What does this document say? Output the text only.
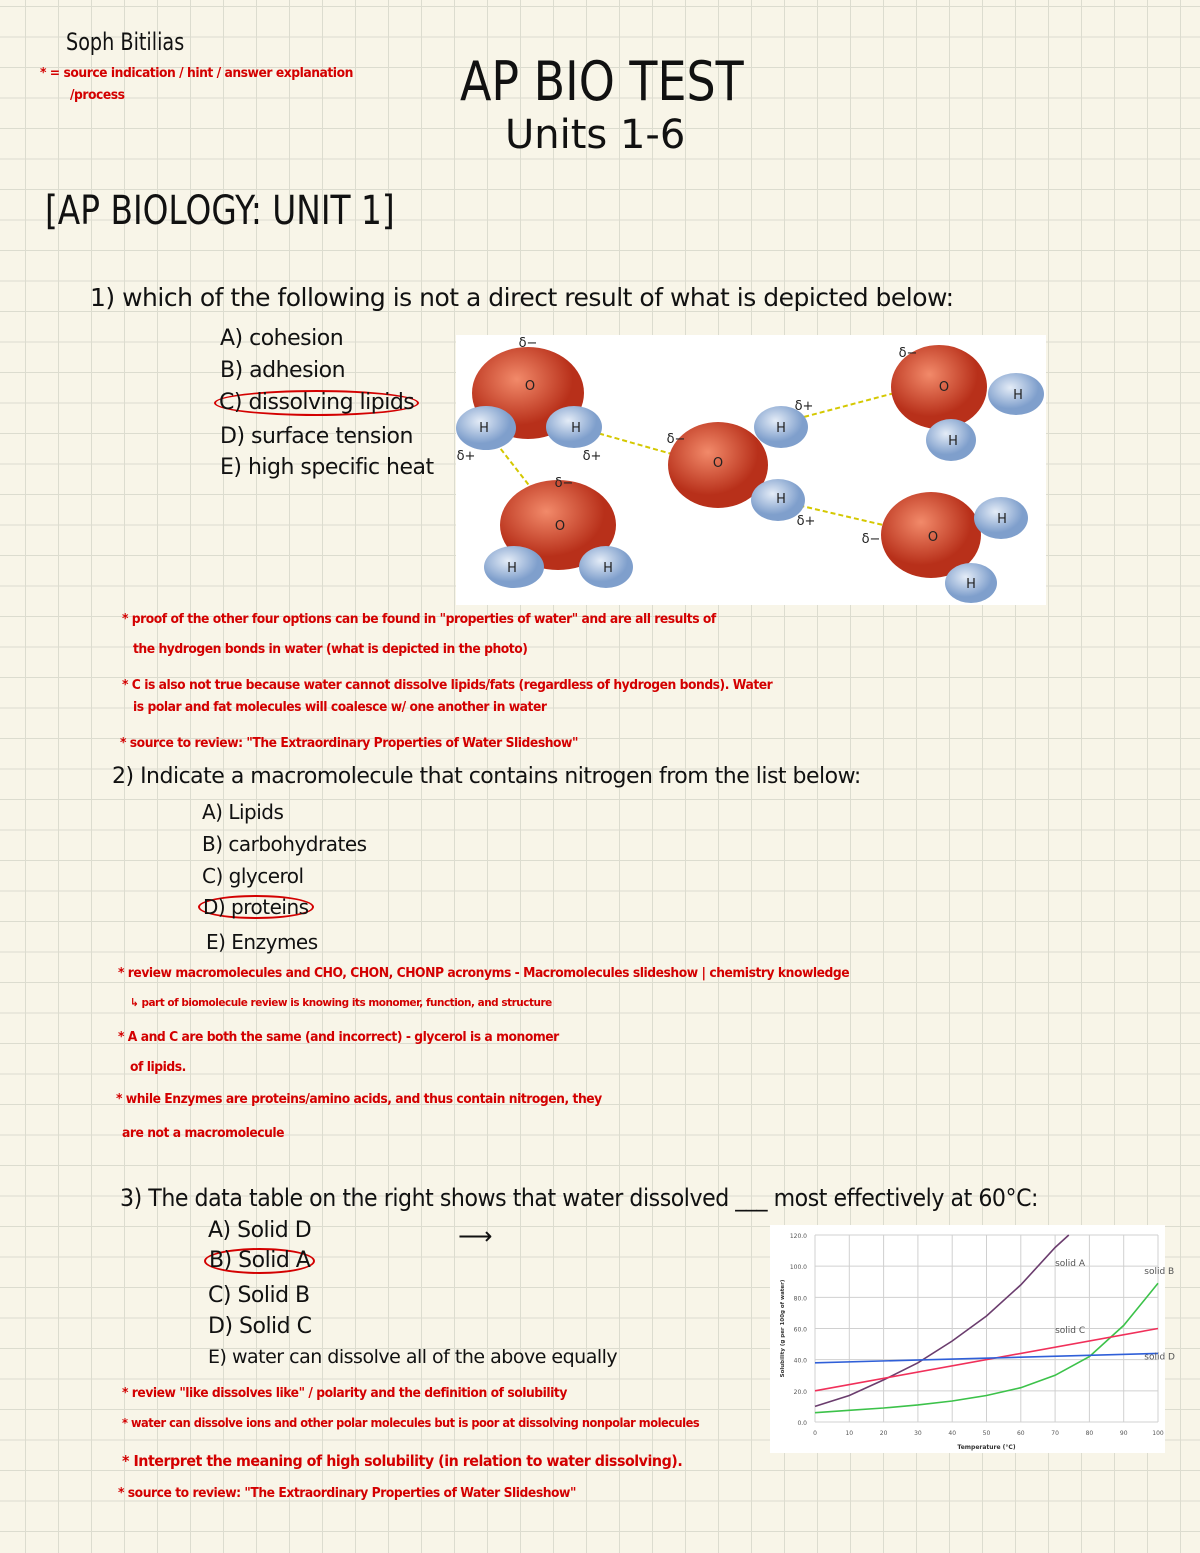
Soph Bitilias
* = source indication / hint / answer explanation
/process	AP BIO TEST
Units 1-6
[AP BIOLOGY: UNIT 1]
1) which of the following is not a direct result of what is depicted below:
A) cohesion
B) adhesion
C) dissolving lipids
D) surface tension
E) high specific heat
O
H	H
O
H
H
O
H
H
O
H	H
O
H
H
δ−
δ+	δ+
δ−
δ+
δ+
δ−
δ−
δ−
* proof of the other four options can be found in "properties of water" and are all results of
the hydrogen bonds in water (what is depicted in the photo)
* C is also not true because water cannot dissolve lipids/fats (regardless of hydrogen bonds). Water
is polar and fat molecules will coalesce w/ one another in water
* source to review: "The Extraordinary Properties of Water Slideshow"
2) Indicate a macromolecule that contains nitrogen from the list below:
A) Lipids
B) carbohydrates
C) glycerol
D) proteins
E) Enzymes
* review macromolecules and CHO, CHON, CHONP acronyms - Macromolecules slideshow | chemistry knowledge
↳ part of biomolecule review is knowing its monomer, function, and structure
* A and C are both the same (and incorrect) - glycerol is a monomer
of lipids.
* while Enzymes are proteins/amino acids, and thus contain nitrogen, they
are not a macromolecule
3) The data table on the right shows that water dissolved ___ most effectively at 60°C:
⟶
A) Solid D
B) Solid A
C) Solid B
D) Solid C
E) water can dissolve all of the above equally
0.0
20.0
40.0
60.0
80.0
100.0
120.0
0	10	20	30	40	50	60	70	80	90	100
Temperature (°C)
Solubility (g per 100g of water)
solid A
solid B
solid C
solid D
* review "like dissolves like" / polarity and the definition of solubility
* water can dissolve ions and other polar molecules but is poor at dissolving nonpolar molecules
* Interpret the meaning of high solubility (in relation to water dissolving).
* source to review: "The Extraordinary Properties of Water Slideshow"
